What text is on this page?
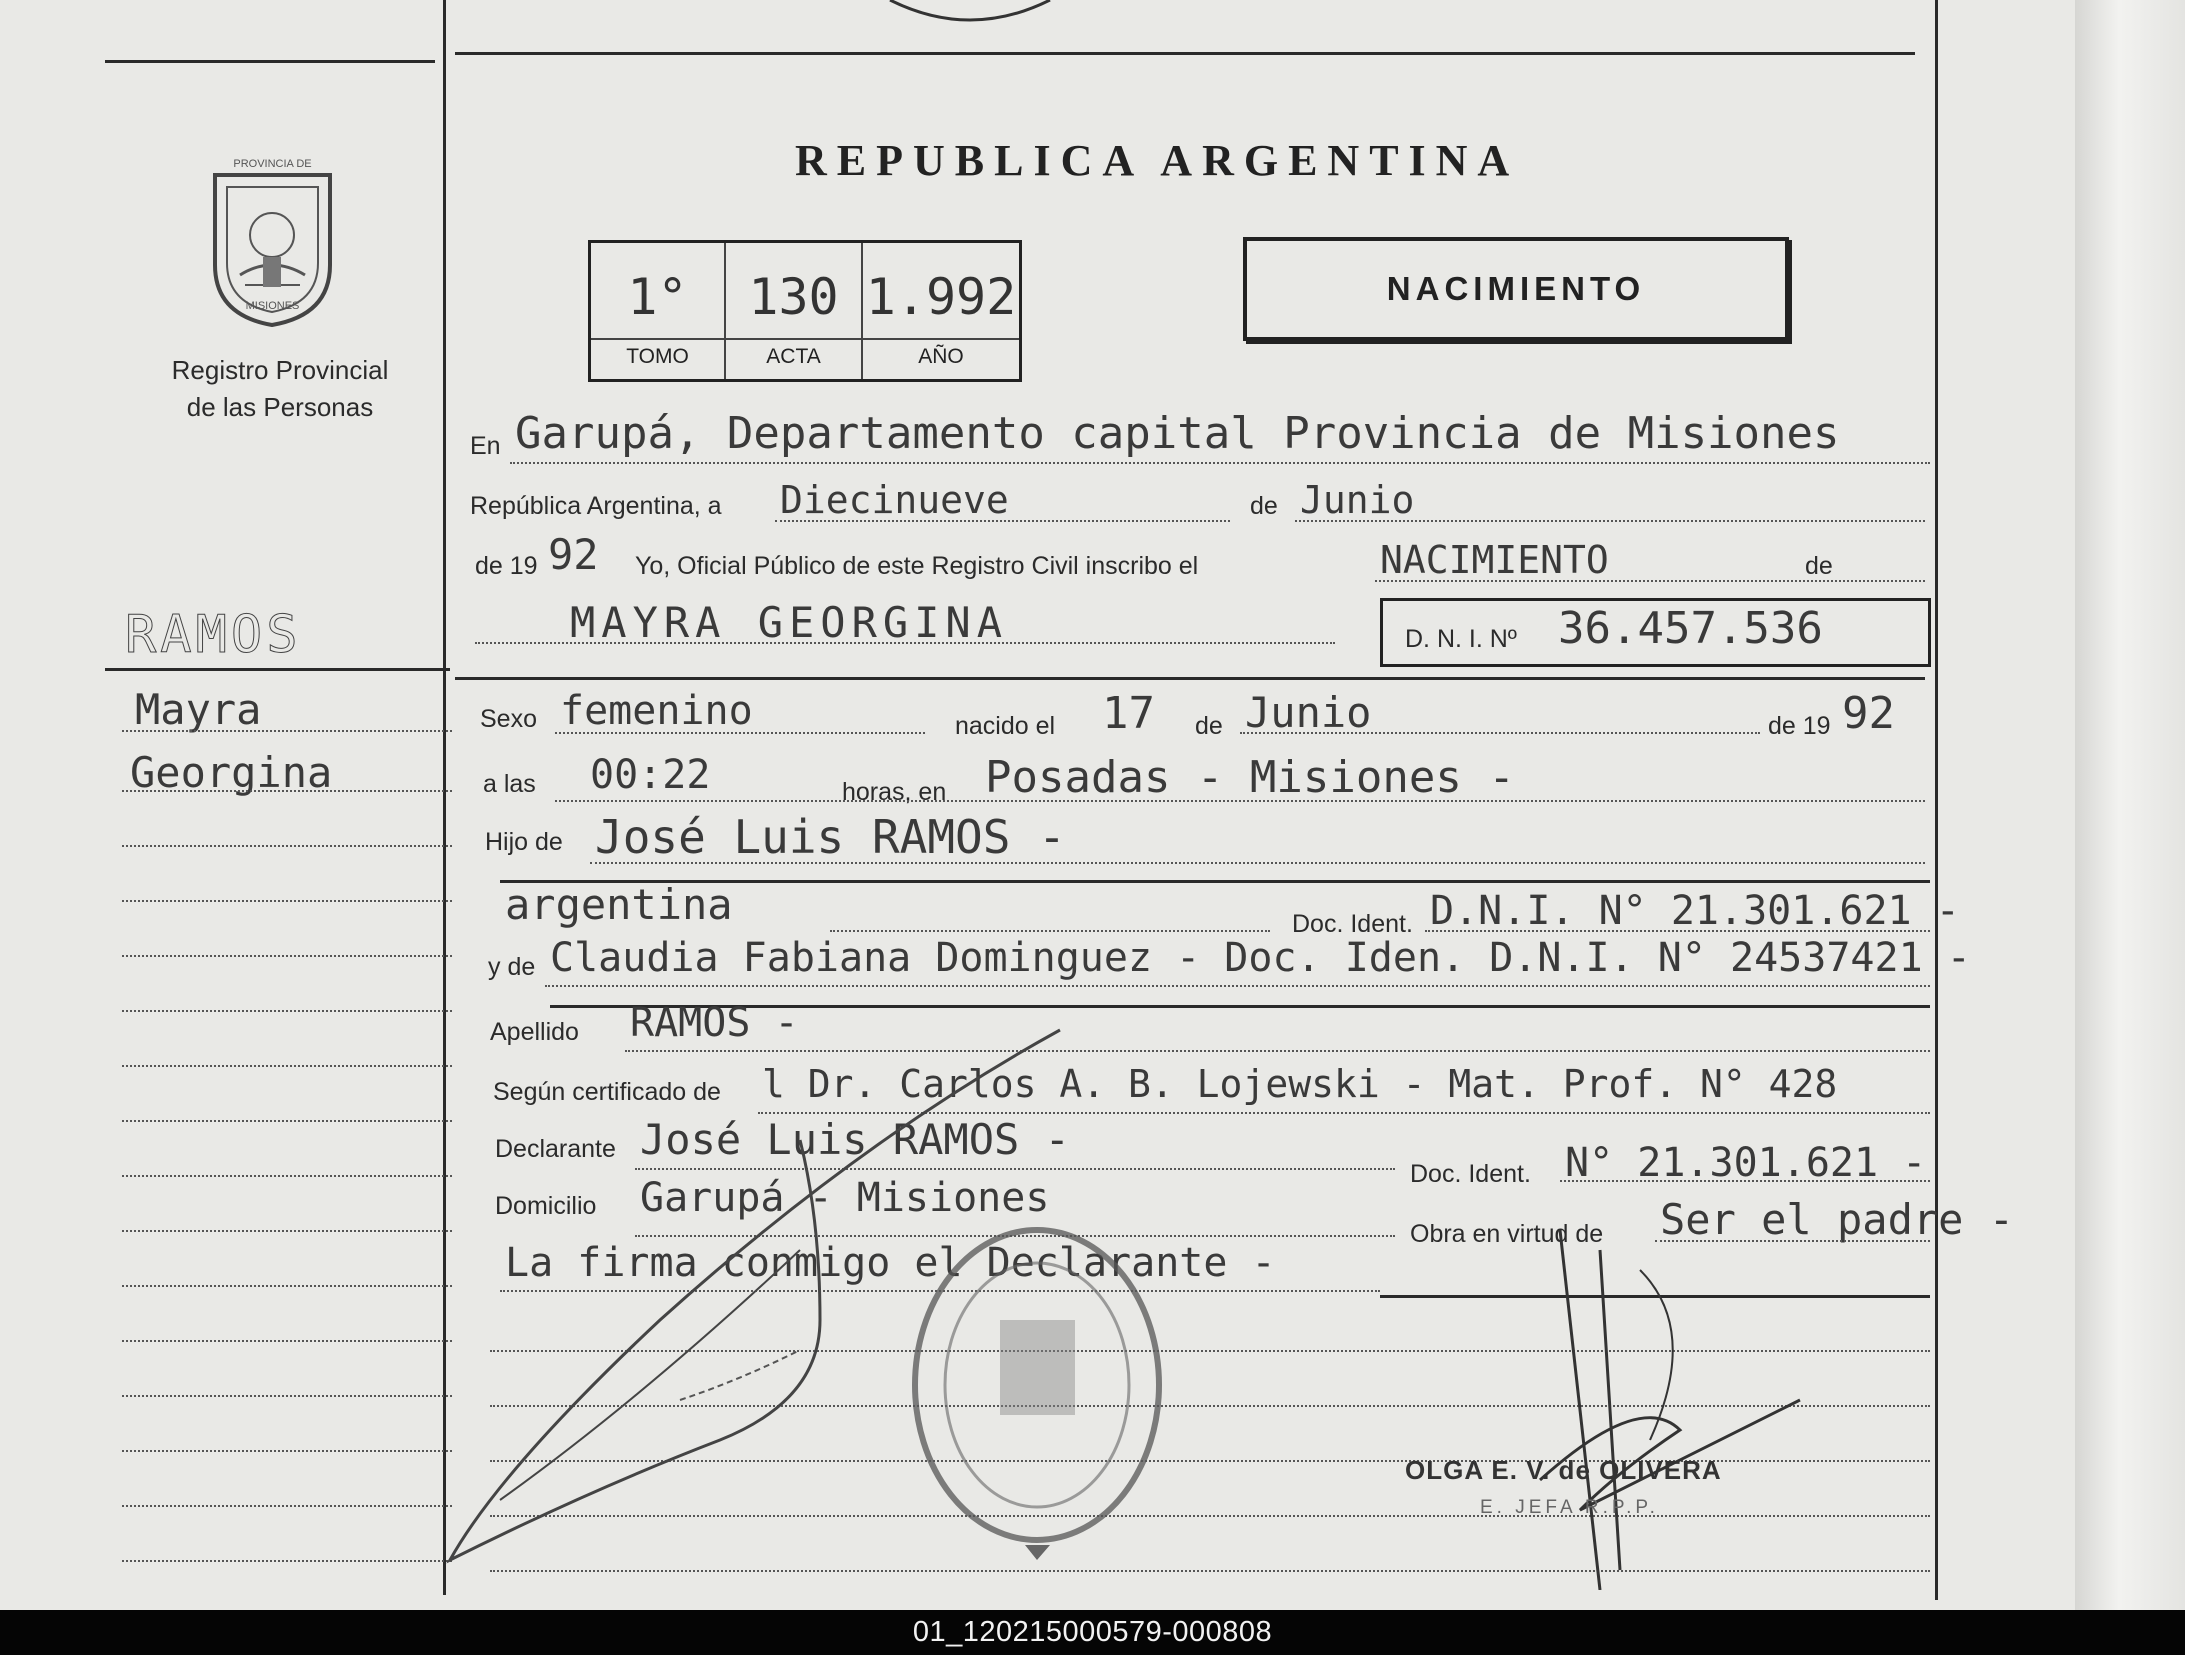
PROVINCIA DE
MISIONES
Registro Provincial
de las Personas
RAMOS
Mayra
Georgina
REPUBLICA ARGENTINA
1°	130 1.992
TOMO	ACTA	AÑO
NACIMIENTO
En Garupá, Departamento capital Provincia de Misiones
República Argentina, a Diecinueve	de Junio
de 19 92 Yo, Oficial Público de este Registro Civil inscribo el	NACIMIENTO	de
MAYRA GEORGINA	D. N. I. Nº 36.457.536
Sexo femenino	nacido el 17 de Junio	de 19 92
a las 00:22	horas, en Posadas - Misiones -
Hijo de José Luis RAMOS -
argentina	Doc. Ident. D.N.I. N° 21.301.621 -
y de Claudia Fabiana Dominguez - Doc. Iden. D.N.I. N° 24537421 -
Apellido RAMOS -
Según certificado de l Dr. Carlos A. B. Lojewski - Mat. Prof. N° 428
Declarante José Luis RAMOS -
Doc. Ident. N° 21.301.621 -
Domicilio Garupá - Misiones
Obra en virtud de Ser el padre -
La firma conmigo el Declarante -
OLGA E. V. de OLIVERA
E. JEFA R.P.P.
01_120215000579-000808
